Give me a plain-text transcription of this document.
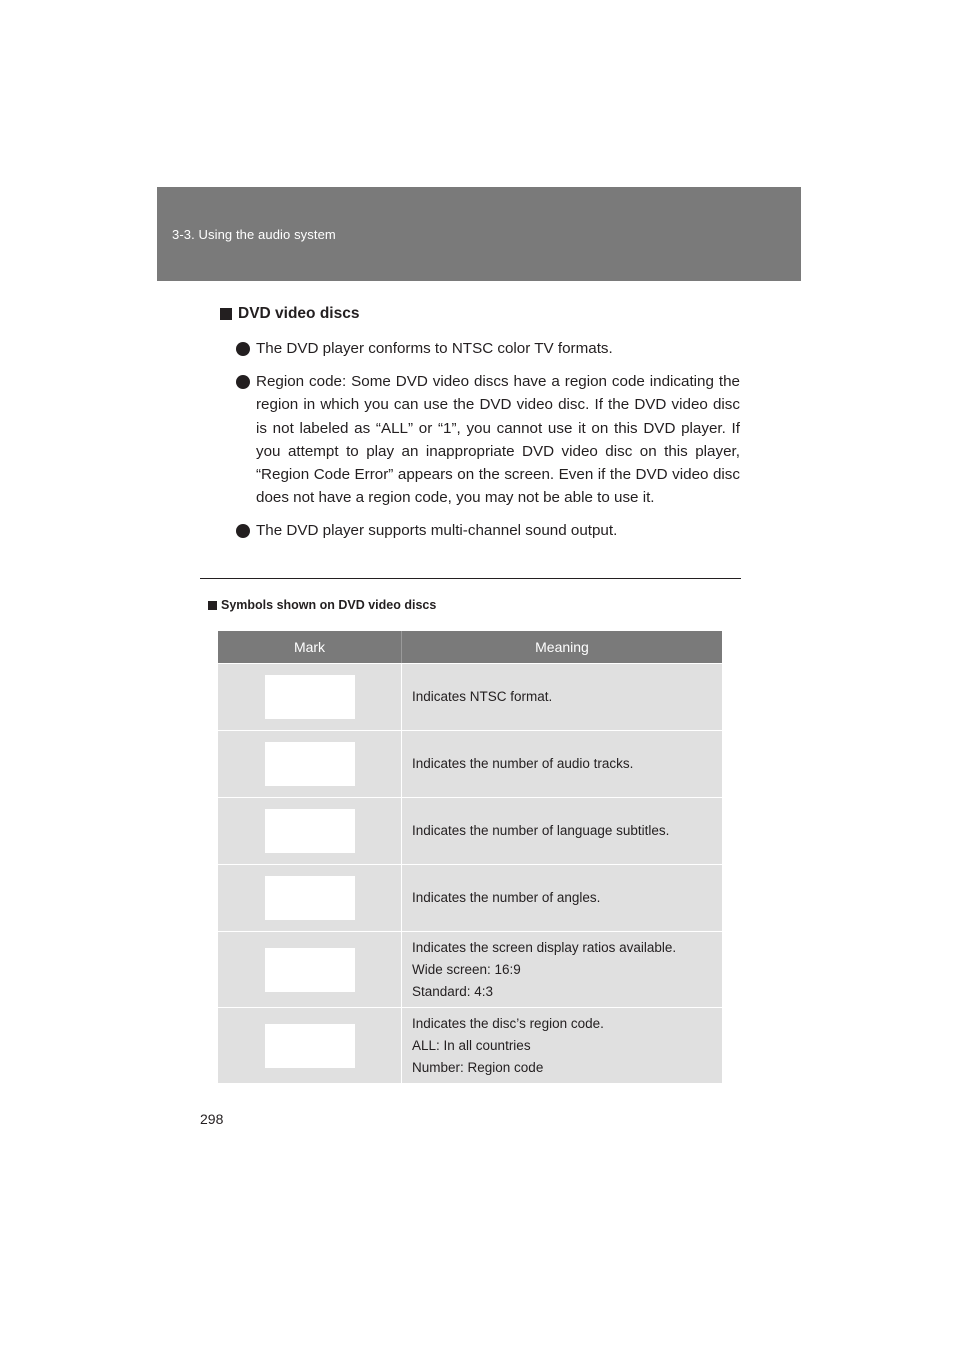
3-3. Using the audio system
DVD video discs
The DVD player conforms to NTSC color TV formats.
Region code: Some DVD video discs have a region code indicating the region in which you can use the DVD video disc. If the DVD video disc is not labeled as “ALL” or “1”, you cannot use it on this DVD player. If you attempt to play an inappropriate DVD video disc on this player, “Region Code Error” appears on the screen. Even if the DVD video disc does not have a region code, you may not be able to use it.
The DVD player supports multi-channel sound output.
Symbols shown on DVD video discs
Mark	Meaning
Indicates NTSC format.
Indicates the number of audio tracks.
Indicates the number of language subtitles.
Indicates the number of angles.
Indicates the screen display ratios available.
Wide screen: 16:9
Standard: 4:3
Indicates the disc’s region code.
ALL: In all countries
Number: Region code
298
